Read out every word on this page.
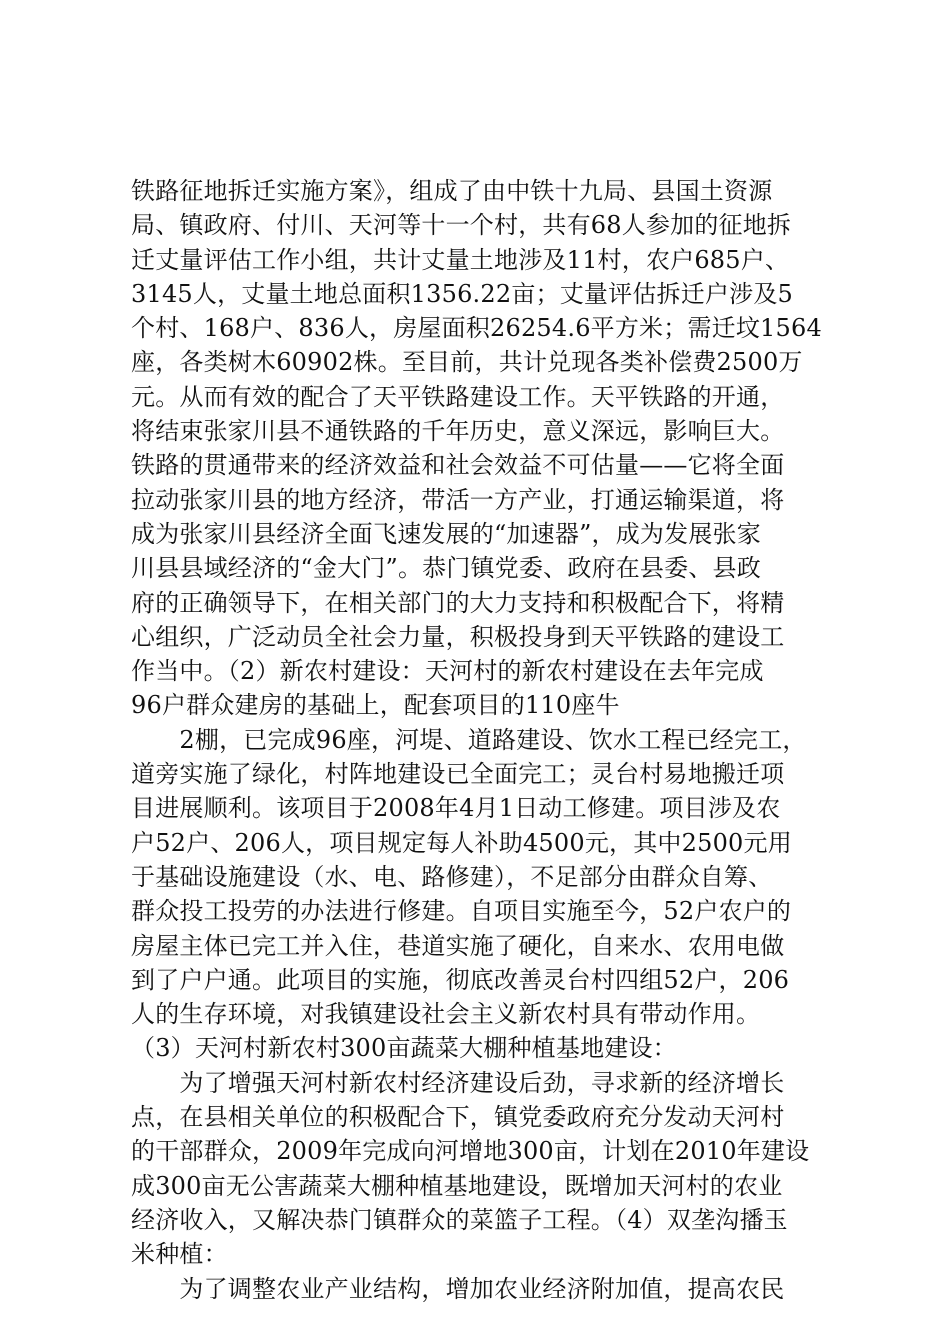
铁路征地拆迁实施方案》，组成了由中铁十九局、县国土资源
局、镇政府、付川、天河等十一个村，共有68人参加的征地拆
迁丈量评估工作小组，共计丈量土地涉及11村，农户685户、
3145人，丈量土地总面积1356.22亩；丈量评估拆迁户涉及5
个村、168户、836人，房屋面积26254.6平方米；需迁坟1564
座，各类树木60902株。至目前，共计兑现各类补偿费2500万
元。从而有效的配合了天平铁路建设工作。天平铁路的开通，
将结束张家川县不通铁路的千年历史，意义深远，影响巨大。
铁路的贯通带来的经济效益和社会效益不可估量——它将全面
拉动张家川县的地方经济，带活一方产业，打通运输渠道，将
成为张家川县经济全面飞速发展的“加速器”，成为发展张家
川县县域经济的“金大门”。恭门镇党委、政府在县委、县政
府的正确领导下，在相关部门的大力支持和积极配合下，将精
心组织，广泛动员全社会力量，积极投身到天平铁路的建设工
作当中。（2）新农村建设：天河村的新农村建设在去年完成
96户群众建房的基础上，配套项目的110座牛
　　2棚，已完成96座，河堤、道路建设、饮水工程已经完工，
道旁实施了绿化，村阵地建设已全面完工；灵台村易地搬迁项
目进展顺利。该项目于2008年4月1日动工修建。项目涉及农
户52户、206人，项目规定每人补助4500元，其中2500元用
于基础设施建设（水、电、路修建），不足部分由群众自筹、
群众投工投劳的办法进行修建。自项目实施至今，52户农户的
房屋主体已完工并入住，巷道实施了硬化，自来水、农用电做
到了户户通。此项目的实施，彻底改善灵台村四组52户，206
人的生存环境，对我镇建设社会主义新农村具有带动作用。
（3）天河村新农村300亩蔬菜大棚种植基地建设：
　　为了增强天河村新农村经济建设后劲，寻求新的经济增长
点，在县相关单位的积极配合下，镇党委政府充分发动天河村
的干部群众，2009年完成向河增地300亩，计划在2010年建设
成300亩无公害蔬菜大棚种植基地建设，既增加天河村的农业
经济收入，又解决恭门镇群众的菜篮子工程。（4）双垄沟播玉
米种植：
　　为了调整农业产业结构，增加农业经济附加值，提高农民
